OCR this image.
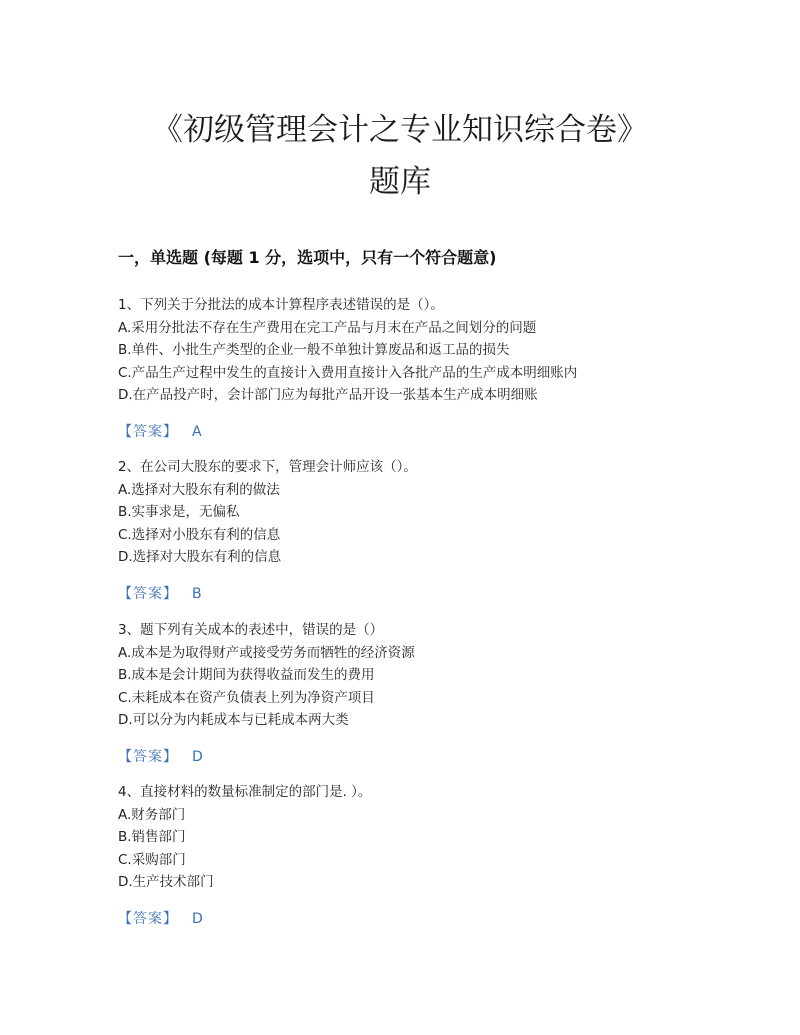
《初级管理会计之专业知识综合卷》
题库
一，单选题 (每题 1 分，选项中，只有一个符合题意)
1、下列关于分批法的成本计算程序表述错误的是（）。
A.采用分批法不存在生产费用在完工产品与月末在产品之间划分的问题
B.单件、小批生产类型的企业一般不单独计算废品和返工品的损失
C.产品生产过程中发生的直接计入费用直接计入各批产品的生产成本明细账内
D.在产品投产时，会计部门应为每批产品开设一张基本生产成本明细账
【答案】 A
2、在公司大股东的要求下，管理会计师应该（）。
A.选择对大股东有利的做法
B.实事求是，无偏私
C.选择对小股东有利的信息
D.选择对大股东有利的信息
【答案】 B
3、题下列有关成本的表述中，错误的是（）
A.成本是为取得财产或接受劳务而牺牲的经济资源
B.成本是会计期间为获得收益而发生的费用
C.未耗成本在资产负债表上列为净资产项目
D.可以分为内耗成本与已耗成本两大类
【答案】 D
4、直接材料的数量标准制定的部门是. ）。
A.财务部门
B.销售部门
C.采购部门
D.生产技术部门
【答案】 D
